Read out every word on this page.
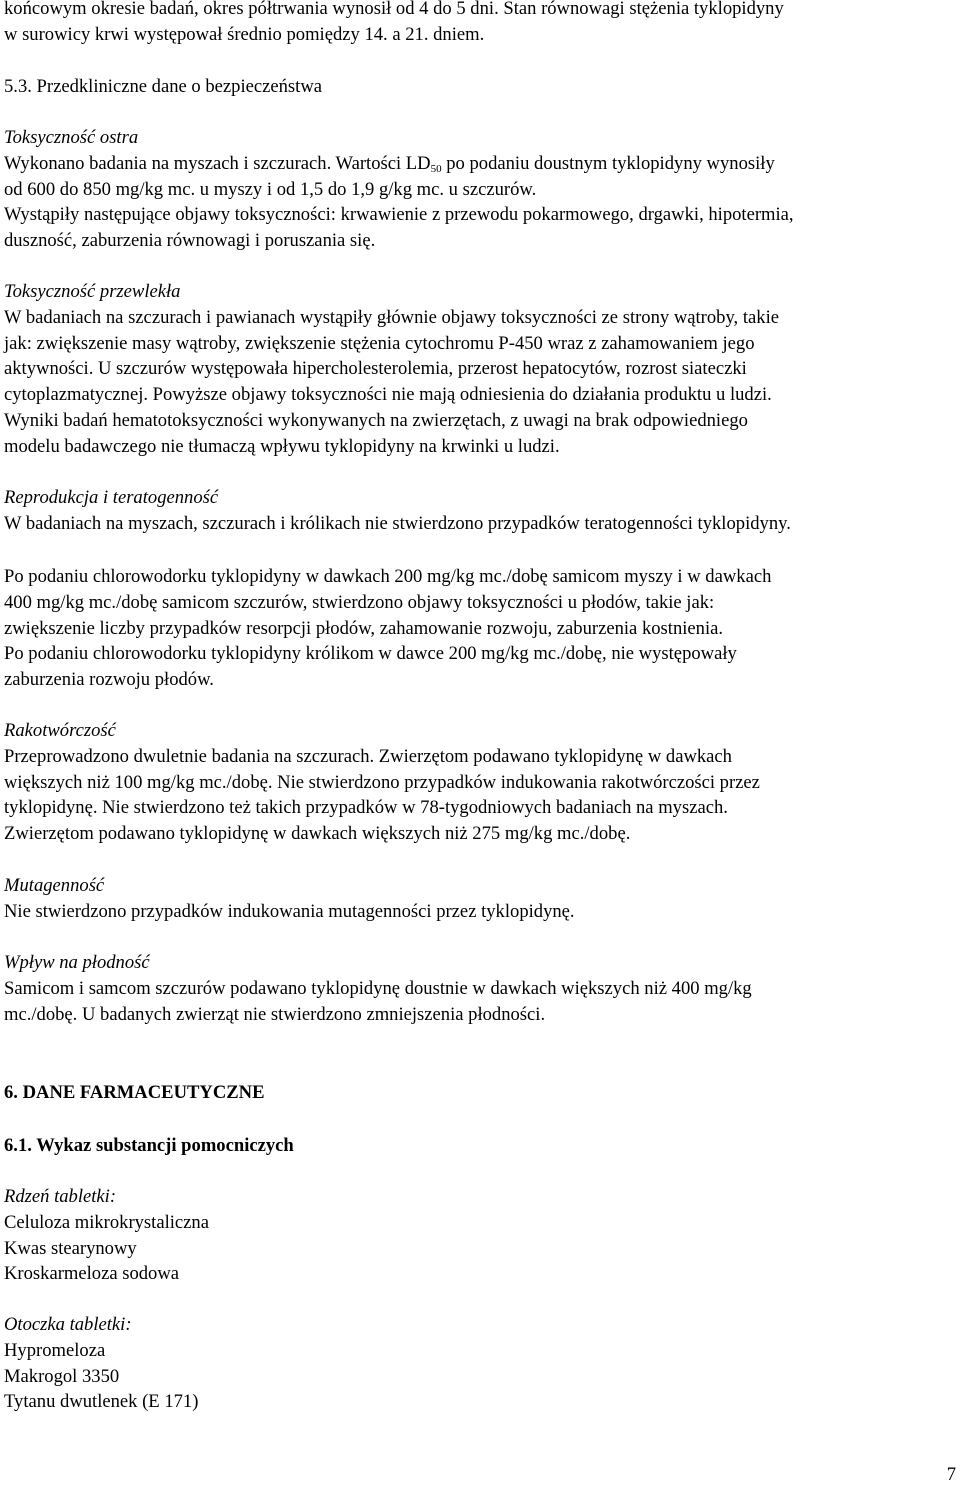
końcowym okresie badań, okres półtrwania wynosił od 4 do 5 dni. Stan równowagi stężenia tyklopidyny
w surowicy krwi występował średnio pomiędzy 14. a 21. dniem.
5.3. Przedkliniczne dane o bezpieczeństwa
Toksyczność ostra
Wykonano badania na myszach i szczurach. Wartości $LD_{50}$ po podaniu doustnym tyklopidyny wynosiły
od 600 do 850 mg/kg mc. u myszy i od 1,5 do 1,9 g/kg mc. u szczurów.
Wystąpiły następujące objawy toksyczności: krwawienie z przewodu pokarmowego, drgawki, hipotermia,
duszność, zaburzenia równowagi i poruszania się.
Toksyczność przewlekła
W badaniach na szczurach i pawianach wystąpiły głównie objawy toksyczności ze strony wątroby, takie
jak: zwiększenie masy wątroby, zwiększenie stężenia cytochromu P-450 wraz z zahamowaniem jego
aktywności. U szczurów występowała hipercholesterolemia, przerost hepatocytów, rozrost siateczki
cytoplazmatycznej. Powyższe objawy toksyczności nie mają odniesienia do działania produktu u ludzi.
Wyniki badań hematotoksyczności wykonywanych na zwierzętach, z uwagi na brak odpowiedniego
modelu badawczego nie tłumaczą wpływu tyklopidyny na krwinki u ludzi.
Reprodukcja i teratogenność
W badaniach na myszach, szczurach i królikach nie stwierdzono przypadków teratogenności tyklopidyny.
Po podaniu chlorowodorku tyklopidyny w dawkach 200 mg/kg mc./dobę samicom myszy i w dawkach
400 mg/kg mc./dobę samicom szczurów, stwierdzono objawy toksyczności u płodów, takie jak:
zwiększenie liczby przypadków resorpcji płodów, zahamowanie rozwoju, zaburzenia kostnienia.
Po podaniu chlorowodorku tyklopidyny królikom w dawce 200 mg/kg mc./dobę, nie występowały
zaburzenia rozwoju płodów.
Rakotwórczość
Przeprowadzono dwuletnie badania na szczurach. Zwierzętom podawano tyklopidynę w dawkach
większych niż 100 mg/kg mc./dobę. Nie stwierdzono przypadków indukowania rakotwórczości przez
tyklopidynę. Nie stwierdzono też takich przypadków w 78-tygodniowych badaniach na myszach.
Zwierzętom podawano tyklopidynę w dawkach większych niż 275 mg/kg mc./dobę.
Mutagenność
Nie stwierdzono przypadków indukowania mutagenności przez tyklopidynę.
Wpływ na płodność
Samicom i samcom szczurów podawano tyklopidynę doustnie w dawkach większych niż 400 mg/kg
mc./dobę. U badanych zwierząt nie stwierdzono zmniejszenia płodności.
6. DANE FARMACEUTYCZNE
6.1. Wykaz substancji pomocniczych
Rdzeń tabletki:
Celuloza mikrokrystaliczna
Kwas stearynowy
Kroskarmeloza sodowa
Otoczka tabletki:
Hypromeloza
Makrogol 3350
Tytanu dwutlenek (E 171)
7
